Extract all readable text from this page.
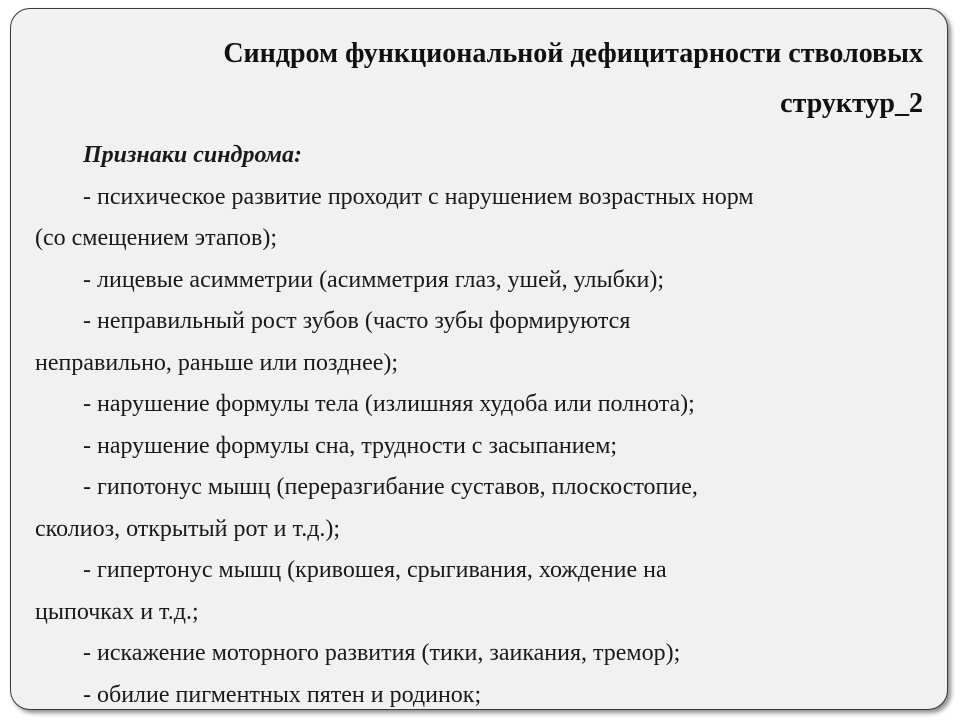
Синдром функциональной дефицитарности стволовых
структур_2

Признаки синдрома:

- психическое развитие проходит с нарушением возрастных норм

(со смещением этапов);

- лицевые асимметрии (асимметрия глаз, ушей, улыбки);

- неправильный рост зубов (часто зубы формируются

неправильно, раньше или позднее);

- нарушение формулы тела (излишняя худоба или полнота);

- нарушение формулы сна, трудности с засыпанием;

- гипотонус мышц (переразгибание суставов, плоскостопие,

сколиоз, открытый рот и т.д.);

- гипертонус мышц (кривошея, срыгивания, хождение на

цыпочках и т.д.;

- искажение моторного развития (тики, заикания, тремор);

- обилие пигментных пятен и родинок;
